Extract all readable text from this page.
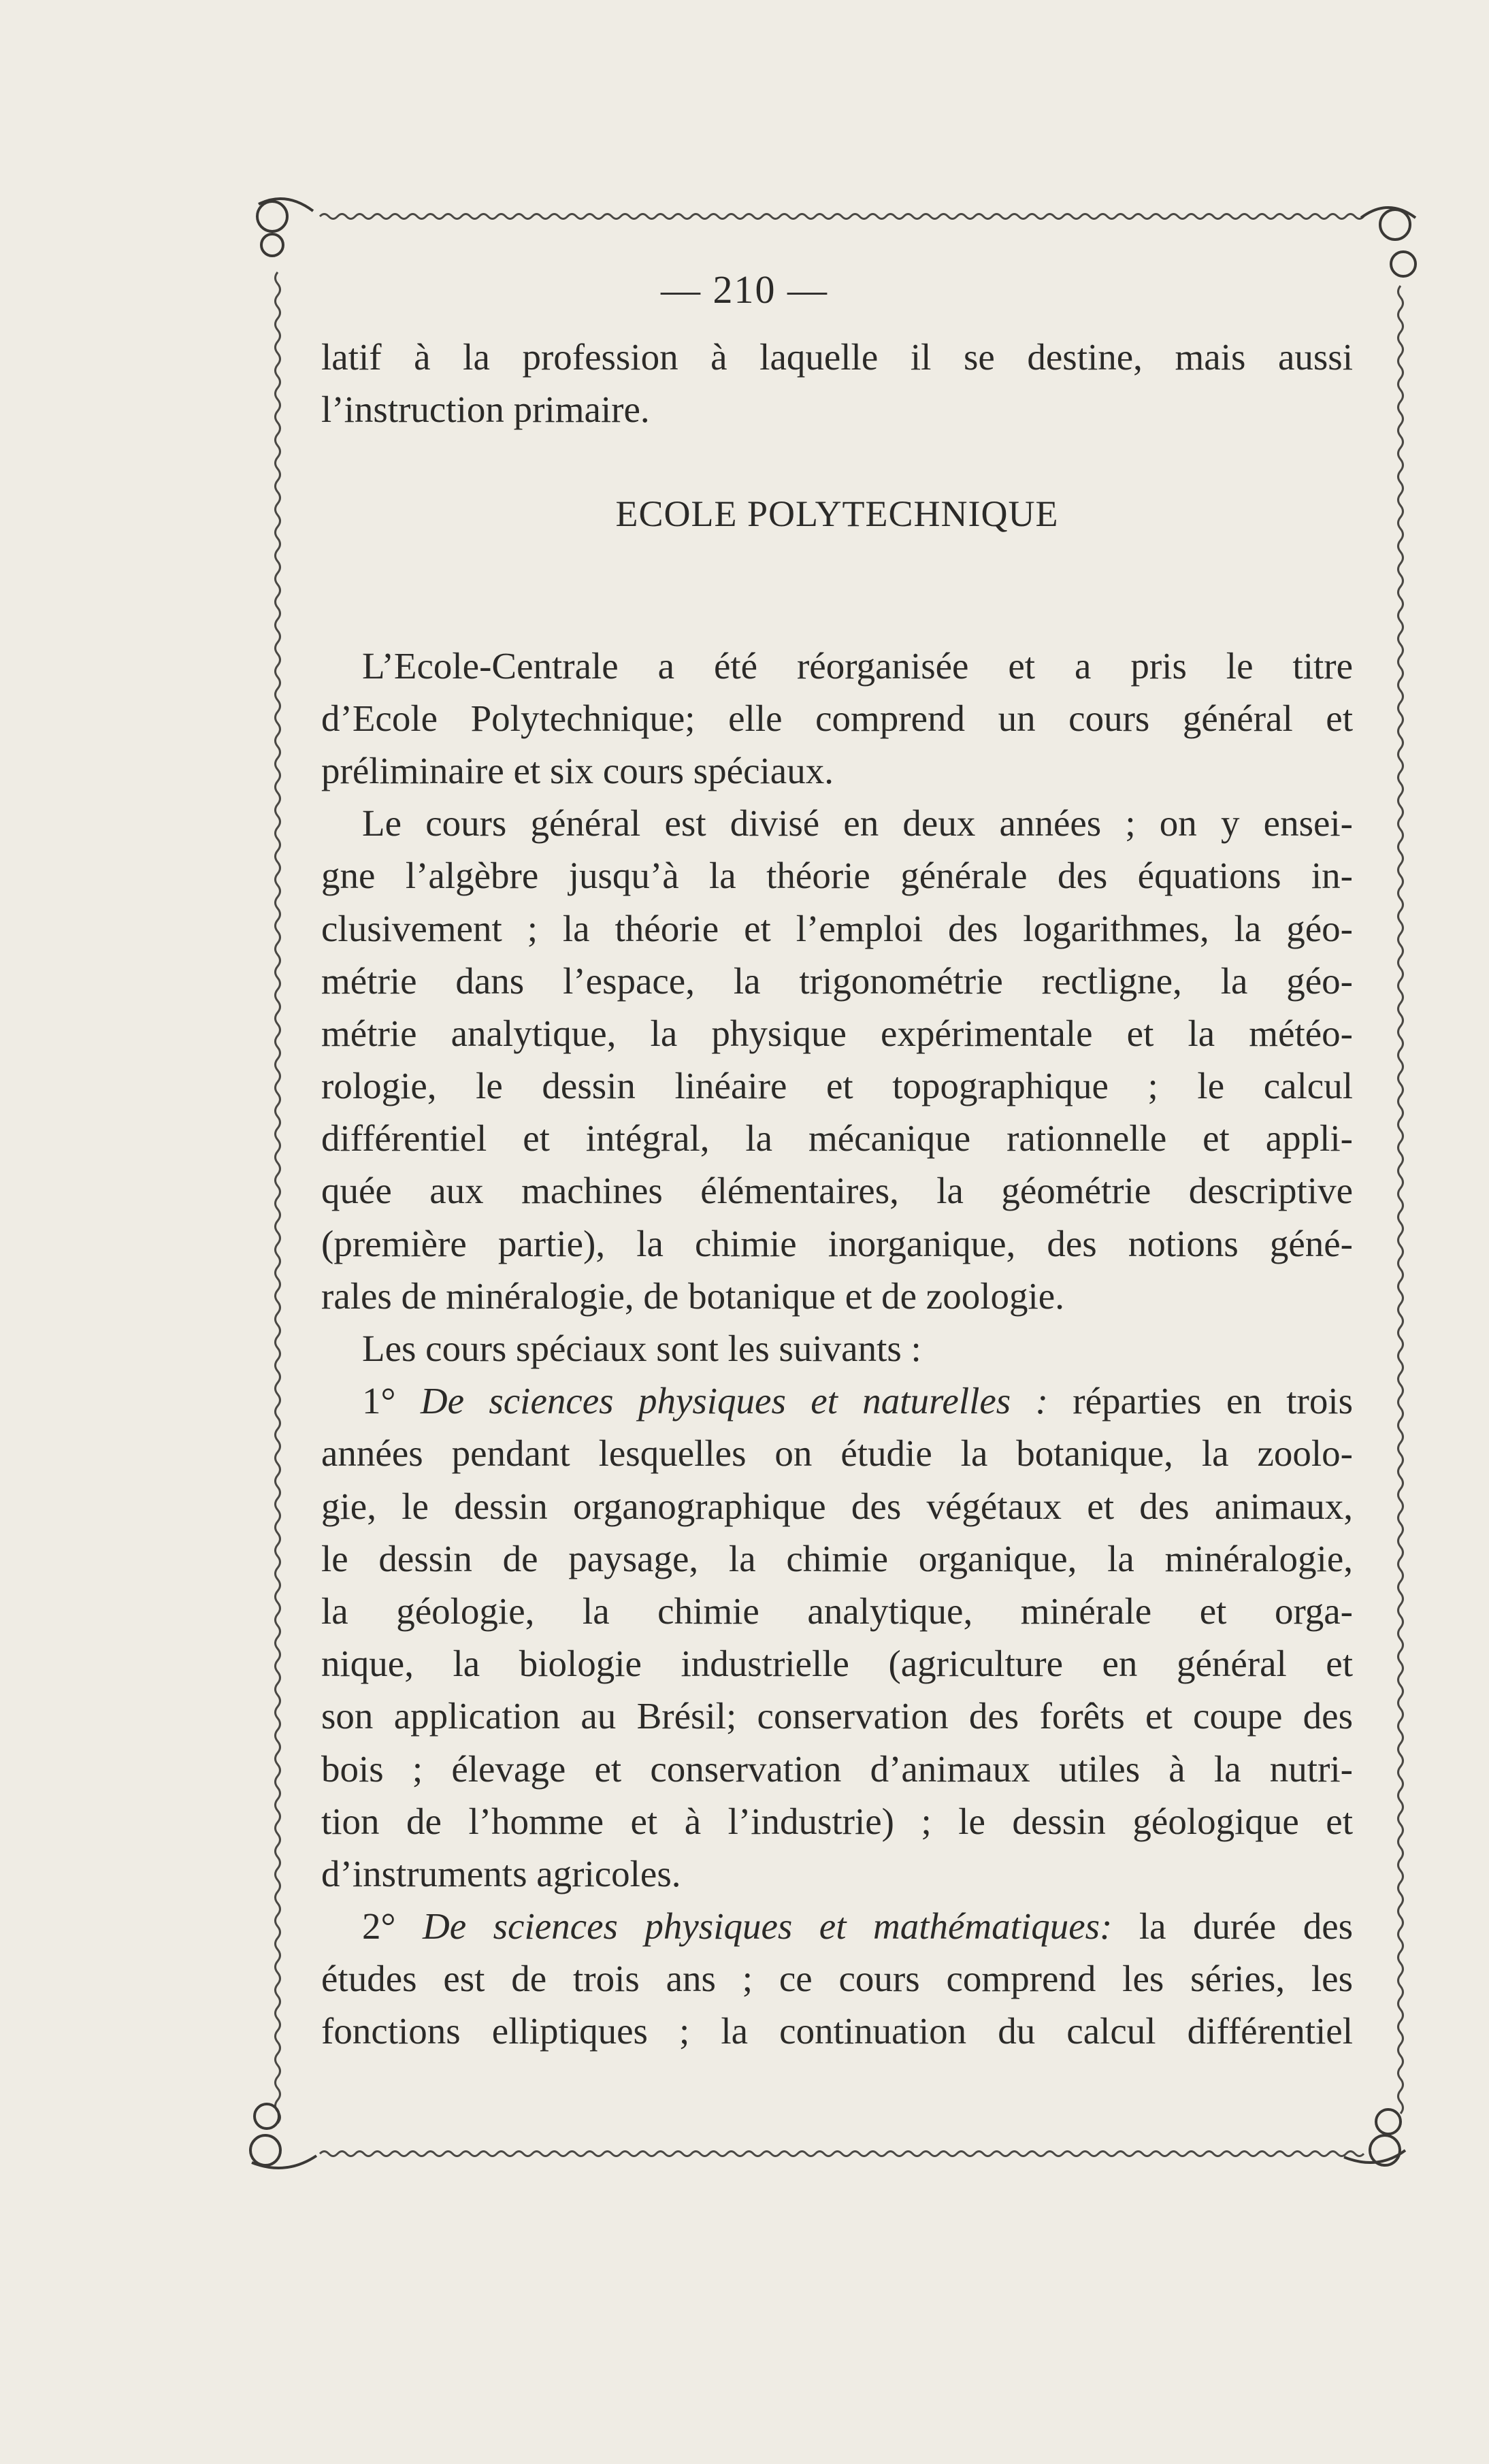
— 210 —
latif à la profession à laquelle il se destine, mais aussi
l’instruction primaire.
ECOLE POLYTECHNIQUE
L’Ecole-Centrale a été réorganisée et a pris le titre
d’Ecole Polytechnique; elle comprend un cours général et
préliminaire et six cours spéciaux.
Le cours général est divisé en deux années ; on y ensei-
gne l’algèbre jusqu’à la théorie générale des équations in-
clusivement ; la théorie et l’emploi des logarithmes, la géo-
métrie dans l’espace, la trigonométrie rectligne, la géo-
métrie analytique, la physique expérimentale et la météo-
rologie, le dessin linéaire et topographique ; le calcul
différentiel et intégral, la mécanique rationnelle et appli-
quée aux machines élémentaires, la géométrie descriptive
(première partie), la chimie inorganique, des notions géné-
rales de minéralogie, de botanique et de zoologie.
Les cours spéciaux sont les suivants :
1° De sciences physiques et naturelles : réparties en trois
années pendant lesquelles on étudie la botanique, la zoolo-
gie, le dessin organographique des végétaux et des animaux,
le dessin de paysage, la chimie organique, la minéralogie,
la géologie, la chimie analytique, minérale et orga-
nique, la biologie industrielle (agriculture en général et
son application au Brésil; conservation des forêts et coupe des
bois ; élevage et conservation d’animaux utiles à la nutri-
tion de l’homme et à l’industrie) ; le dessin géologique et
d’instruments agricoles.
2° De sciences physiques et mathématiques: la durée des
études est de trois ans ; ce cours comprend les séries, les
fonctions elliptiques ; la continuation du calcul différentiel
